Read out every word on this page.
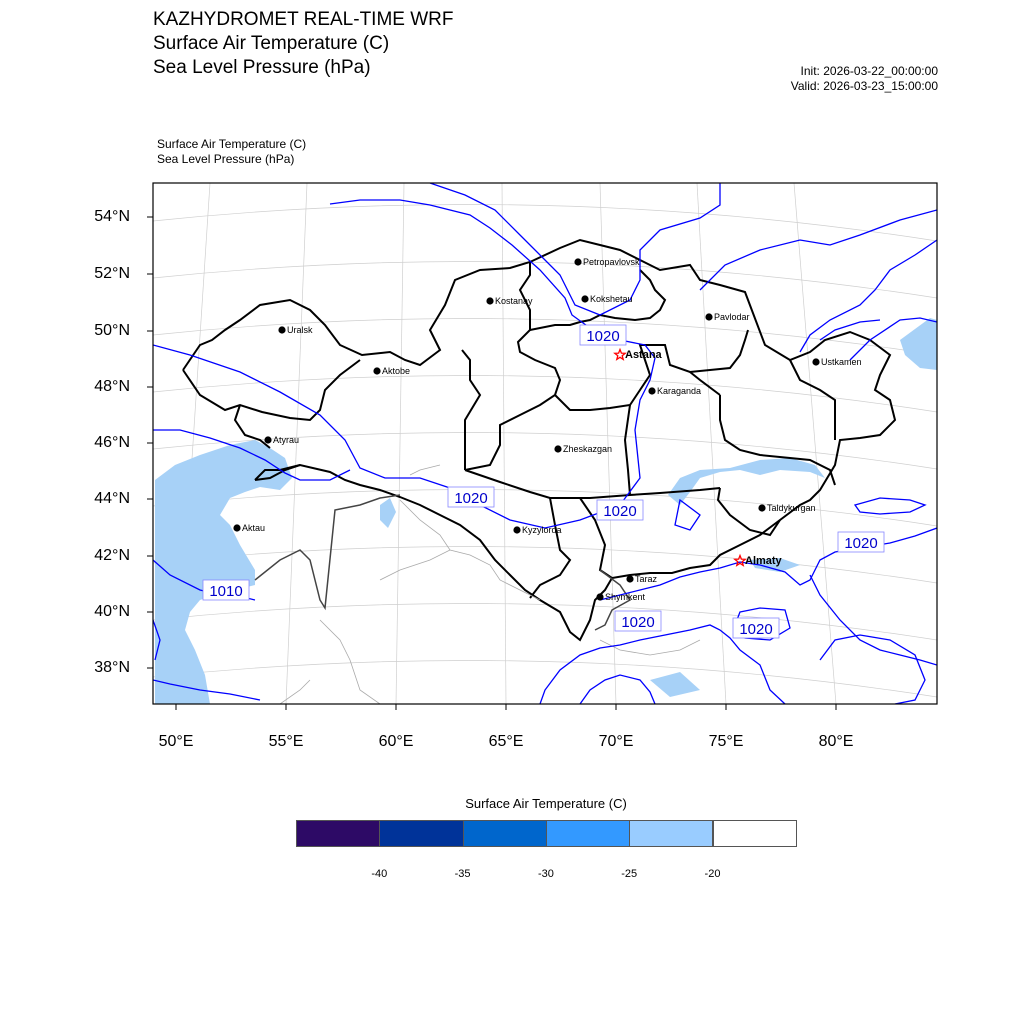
KAZHYDROMET REAL-TIME WRF
Surface Air Temperature (C)
Sea Level Pressure (hPa)	Init: 2026-03-22_00:00:00
Valid: 2026-03-23_15:00:00
Surface Air Temperature (C)
Sea Level Pressure (hPa)
1020
1020
1020
1020	1020
1020
1010
Petropavlovsk
Kostanay	Kokshetau
Pavlodar
Uralsk
Astana
Aktobe
Ustkamen
Karaganda
Atyrau
Zheskazgan
Aktau	Kyzylorda
Taldykurgan
Almaty
Taraz
Shymkent
54°N
52°N
50°N
48°N
46°N
44°N
42°N
40°N
38°N
50°E	55°E	60°E	65°E	70°E	75°E	80°E
Surface Air Temperature (C)
-40	-35	-30	-25	-20
